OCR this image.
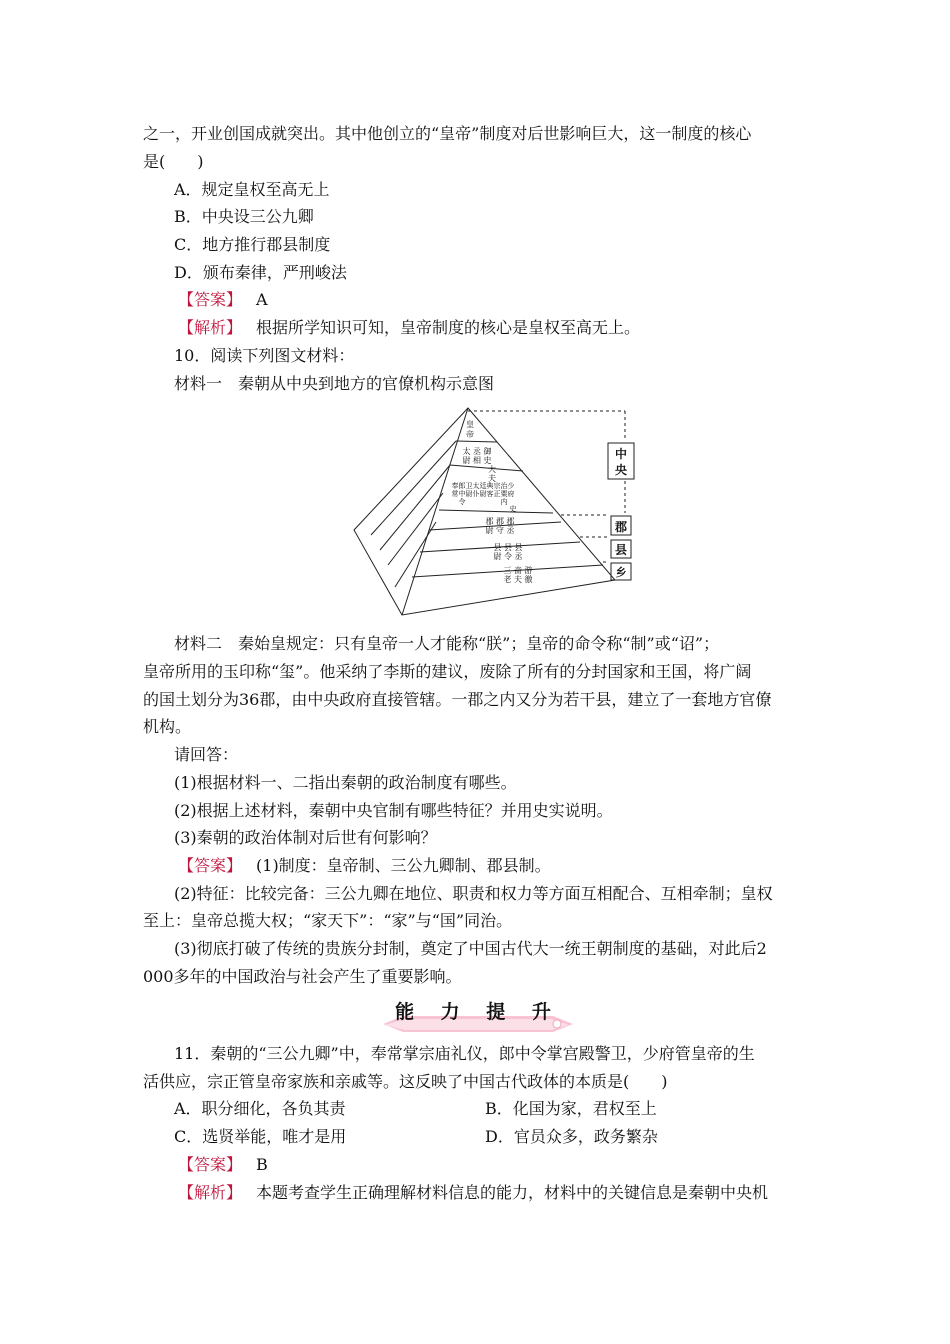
之一，开业创国成就突出。其中他创立的“皇帝”制度对后世影响巨大，这一制度的核心
是(　　)
A．规定皇权至高无上
B．中央设三公九卿
C．地方推行郡县制度
D．颁布秦律，严刑峻法
【答案】 A
【解析】 根据所学知识可知，皇帝制度的核心是皇权至高无上。
10．阅读下列图文材料：
材料一　秦朝从中央到地方的官僚机构示意图
皇
帝
太 丞 御
尉 相 史
大
夫
奉郎卫太廷典宗治少
常中尉仆尉客正粟府
令　　　　　内
史
郡 郡 郡
尉 守 丞
县 县 县
尉 令 丞
三 啬 游
老 夫 徼
中
央
郡
县
乡
材料二　秦始皇规定：只有皇帝一人才能称“朕”；皇帝的命令称“制”或“诏”；
皇帝所用的玉印称“玺”。他采纳了李斯的建议，废除了所有的分封国家和王国，将广阔
的国土划分为36郡，由中央政府直接管辖。一郡之内又分为若干县，建立了一套地方官僚
机构。
请回答：
(1)根据材料一、二指出秦朝的政治制度有哪些。
(2)根据上述材料，秦朝中央官制有哪些特征？并用史实说明。
(3)秦朝的政治体制对后世有何影响？
【答案】 (1)制度：皇帝制、三公九卿制、郡县制。
(2)特征：比较完备：三公九卿在地位、职责和权力等方面互相配合、互相牵制；皇权
至上：皇帝总揽大权；“家天下”：“家”与“国”同治。
(3)彻底打破了传统的贵族分封制，奠定了中国古代大一统王朝制度的基础，对此后2
000多年的中国政治与社会产生了重要影响。
能 力 提 升
11．秦朝的“三公九卿”中，奉常掌宗庙礼仪，郎中令掌宫殿警卫，少府管皇帝的生
活供应，宗正管皇帝家族和亲戚等。这反映了中国古代政体的本质是(　　)
A．职分细化，各负其责	B．化国为家，君权至上
C．选贤举能，唯才是用	D．官员众多，政务繁杂
【答案】 B
【解析】 本题考查学生正确理解材料信息的能力，材料中的关键信息是秦朝中央机
